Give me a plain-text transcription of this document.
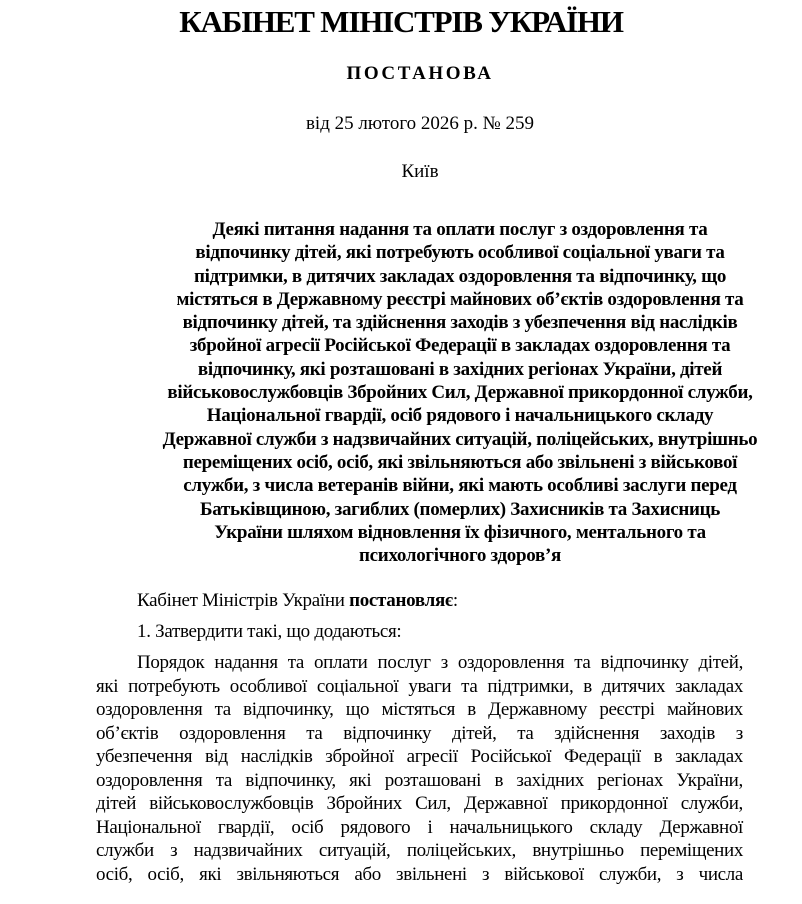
КАБІНЕТ МІНІСТРІВ УКРАЇНИ
ПОСТАНОВА
від 25 лютого 2026 р. № 259
Київ
Деякі питання надання та оплати послуг з оздоровлення та
відпочинку дітей, які потребують особливої соціальної уваги та
підтримки, в дитячих закладах оздоровлення та відпочинку, що
містяться в Державному реєстрі майнових об’єктів оздоровлення та
відпочинку дітей, та здійснення заходів з убезпечення від наслідків
збройної агресії Російської Федерації в закладах оздоровлення та
відпочинку, які розташовані в західних регіонах України, дітей
військовослужбовців Збройних Сил, Державної прикордонної служби,
Національної гвардії, осіб рядового і начальницького складу
Державної служби з надзвичайних ситуацій, поліцейських, внутрішньо
переміщених осіб, осіб, які звільняються або звільнені з військової
служби, з числа ветеранів війни, які мають особливі заслуги перед
Батьківщиною, загиблих (померлих) Захисників та Захисниць
України шляхом відновлення їх фізичного, ментального та
психологічного здоров’я
Кабінет Міністрів України постановляє:
1. Затвердити такі, що додаються:
Порядок надання та оплати послуг з оздоровлення та відпочинку дітей,
які потребують особливої соціальної уваги та підтримки, в дитячих закладах
оздоровлення та відпочинку, що містяться в Державному реєстрі майнових
об’єктів оздоровлення та відпочинку дітей, та здійснення заходів з
убезпечення від наслідків збройної агресії Російської Федерації в закладах
оздоровлення та відпочинку, які розташовані в західних регіонах України,
дітей військовослужбовців Збройних Сил, Державної прикордонної служби,
Національної гвардії, осіб рядового і начальницького складу Державної
служби з надзвичайних ситуацій, поліцейських, внутрішньо переміщених
осіб, осіб, які звільняються або звільнені з військової служби, з числа
